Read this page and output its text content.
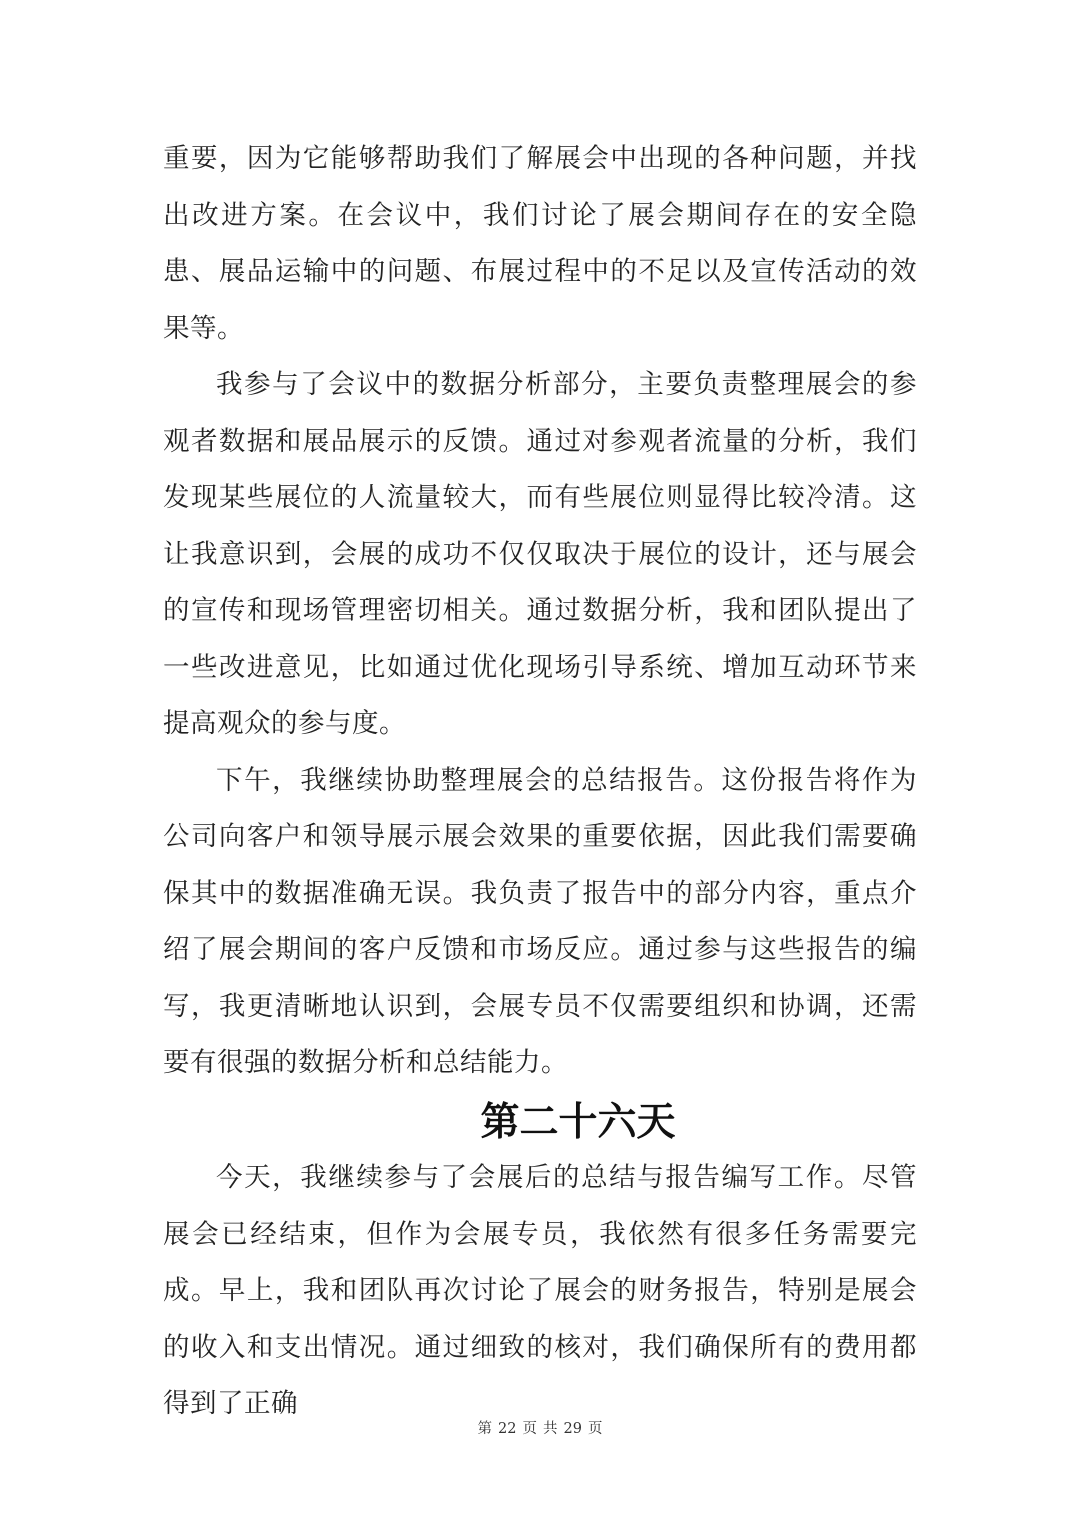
重要，因为它能够帮助我们了解展会中出现的各种问题，并找出改进方案。在会议中，我们讨论了展会期间存在的安全隐患、展品运输中的问题、布展过程中的不足以及宣传活动的效果等。

我参与了会议中的数据分析部分，主要负责整理展会的参观者数据和展品展示的反馈。通过对参观者流量的分析，我们发现某些展位的人流量较大，而有些展位则显得比较冷清。这让我意识到，会展的成功不仅仅取决于展位的设计，还与展会的宣传和现场管理密切相关。通过数据分析，我和团队提出了一些改进意见，比如通过优化现场引导系统、增加互动环节来提高观众的参与度。

下午，我继续协助整理展会的总结报告。这份报告将作为公司向客户和领导展示展会效果的重要依据，因此我们需要确保其中的数据准确无误。我负责了报告中的部分内容，重点介绍了展会期间的客户反馈和市场反应。通过参与这些报告的编写，我更清晰地认识到，会展专员不仅需要组织和协调，还需要有很强的数据分析和总结能力。

第二十六天

今天，我继续参与了会展后的总结与报告编写工作。尽管展会已经结束，但作为会展专员，我依然有很多任务需要完成。早上，我和团队再次讨论了展会的财务报告，特别是展会的收入和支出情况。通过细致的核对，我们确保所有的费用都得到了正确

第 22 页 共 29 页
